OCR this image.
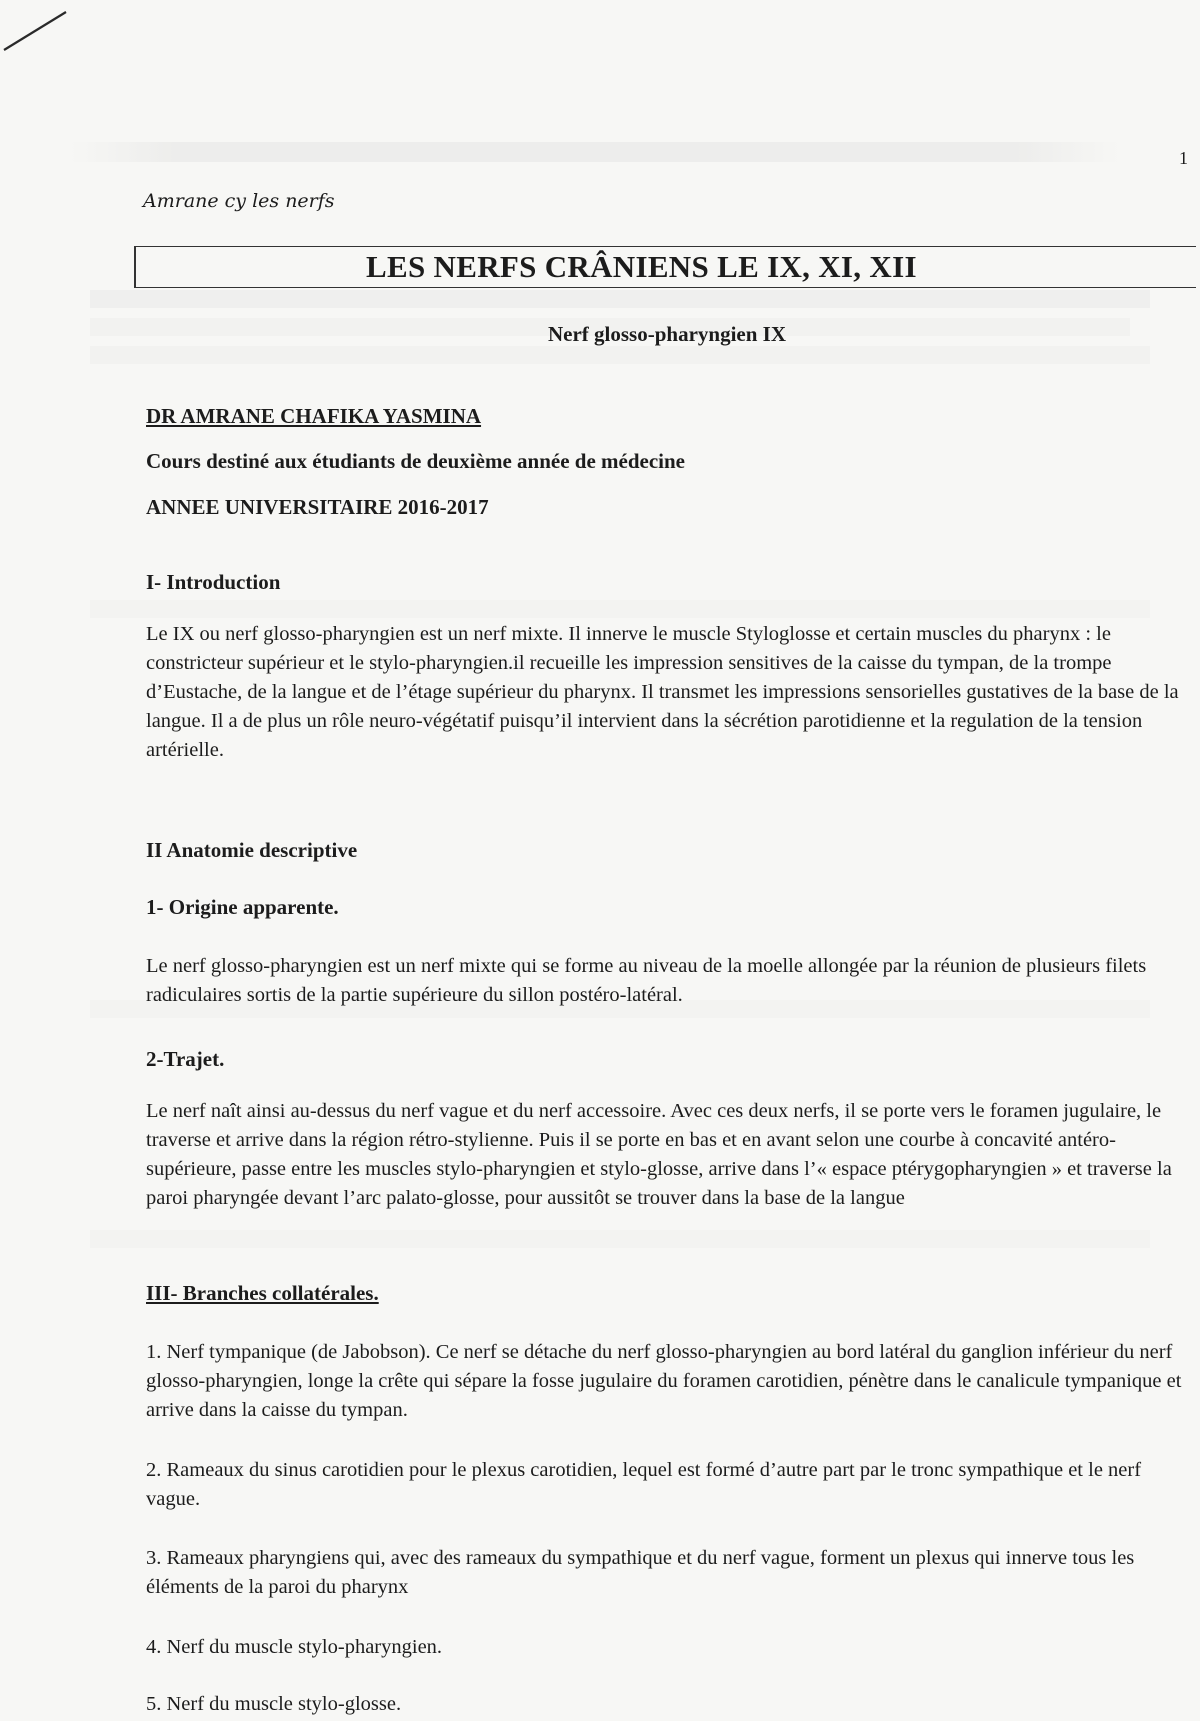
1
Amrane cy les nerfs
LES NERFS CRÂNIENS LE IX, XI, XII
Nerf glosso-pharyngien IX
DR AMRANE CHAFIKA YASMINA
Cours destiné aux étudiants de deuxième année de médecine
ANNEE UNIVERSITAIRE 2016-2017
I- Introduction

Le IX ou nerf glosso-pharyngien est un nerf mixte. Il innerve le muscle Styloglosse et certain muscles du pharynx : le constricteur supérieur et le stylo-pharyngien.il recueille les impression sensitives de la caisse du tympan, de la trompe d’Eustache, de la langue et de l’étage supérieur du pharynx. Il transmet les impressions sensorielles gustatives de la base de la langue. Il a de plus un rôle neuro-végétatif puisqu’il intervient dans la sécrétion parotidienne et la regulation de la tension artérielle.

II Anatomie descriptive
1- Origine apparente.

Le nerf glosso-pharyngien est un nerf mixte qui se forme au niveau de la moelle allongée par la réunion de plusieurs filets radiculaires sortis de la partie supérieure du sillon postéro-latéral.

2-Trajet.

Le nerf naît ainsi au-dessus du nerf vague et du nerf accessoire. Avec ces deux nerfs, il se porte vers le foramen jugulaire, le traverse et arrive dans la région rétro-stylienne. Puis il se porte en bas et en avant selon une courbe à concavité antéro-supérieure, passe entre les muscles stylo-pharyngien et stylo-glosse, arrive dans l’« espace ptérygopharyngien » et traverse la paroi pharyngée devant l’arc palato-glosse, pour aussitôt se trouver dans la base de la langue

III- Branches collatérales.

1. Nerf tympanique (de Jabobson). Ce nerf se détache du nerf glosso-pharyngien au bord latéral du ganglion inférieur du nerf glosso-pharyngien, longe la crête qui sépare la fosse jugulaire du foramen carotidien, pénètre dans le canalicule tympanique et arrive dans la caisse du tympan.

2. Rameaux du sinus carotidien pour le plexus carotidien, lequel est formé d’autre part par le tronc sympathique et le nerf vague.

3. Rameaux pharyngiens qui, avec des rameaux du sympathique et du nerf vague, forment un plexus qui innerve tous les éléments de la paroi du pharynx

4. Nerf du muscle stylo-pharyngien.

5. Nerf du muscle stylo-glosse.
